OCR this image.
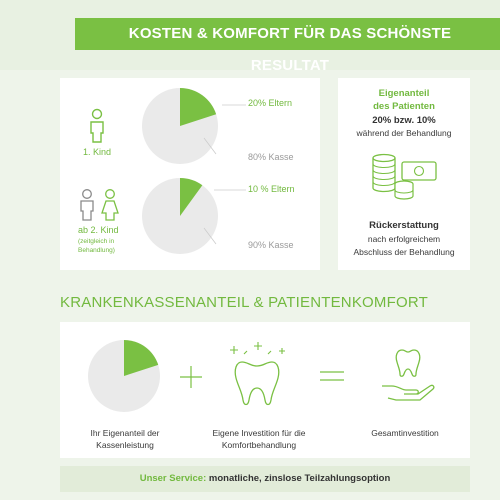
KOSTEN & KOMFORT FÜR DAS SCHÖNSTE RESULTAT
1. Kind
20% Eltern
80% Kasse
ab 2. Kind
(zeitgleich in Behandlung)
10 % Eltern
90% Kasse
Eigenanteil
des Patienten
20% bzw. 10%
während der Behandlung
Rückerstattung
nach erfolgreichem
Abschluss der Behandlung
KRANKENKASSENANTEIL & PATIENTENKOMFORT
Ihr Eigenanteil der
Kassenleistung
Eigene Investition für die
Komfortbehandlung
Gesamtinvestition
Unser Service: monatliche, zinslose Teilzahlungsoption
